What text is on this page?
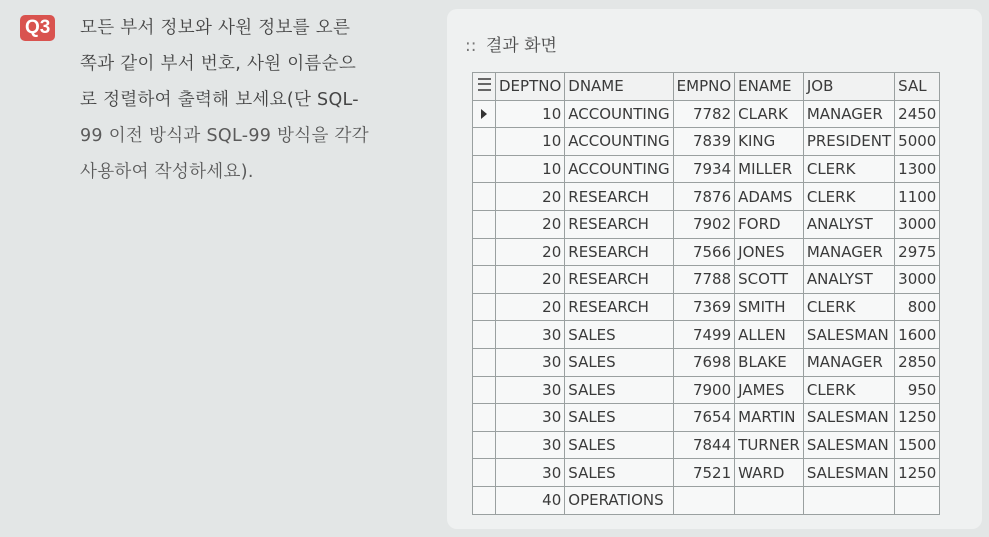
Q3	모든 부서 정보와 사원 정보를 오른
쪽과 같이 부서 번호, 사원 이름순으
로 정렬하여 출력해 보세요(단 SQL-
99 이전 방식과 SQL-99 방식을 각각
사용하여 작성하세요).

:: 결과 화면
	DEPTNO	DNAME	EMPNO	ENAME	JOB	SAL
	10	ACCOUNTING	7782	CLARK	MANAGER	2450
	10	ACCOUNTING	7839	KING	PRESIDENT	5000
	10	ACCOUNTING	7934	MILLER	CLERK	1300
	20	RESEARCH	7876	ADAMS	CLERK	1100
	20	RESEARCH	7902	FORD	ANALYST	3000
	20	RESEARCH	7566	JONES	MANAGER	2975
	20	RESEARCH	7788	SCOTT	ANALYST	3000
	20	RESEARCH	7369	SMITH	CLERK	800
	30	SALES	7499	ALLEN	SALESMAN	1600
	30	SALES	7698	BLAKE	MANAGER	2850
	30	SALES	7900	JAMES	CLERK	950
	30	SALES	7654	MARTIN	SALESMAN	1250
	30	SALES	7844	TURNER	SALESMAN	1500
	30	SALES	7521	WARD	SALESMAN	1250
	40	OPERATIONS				
